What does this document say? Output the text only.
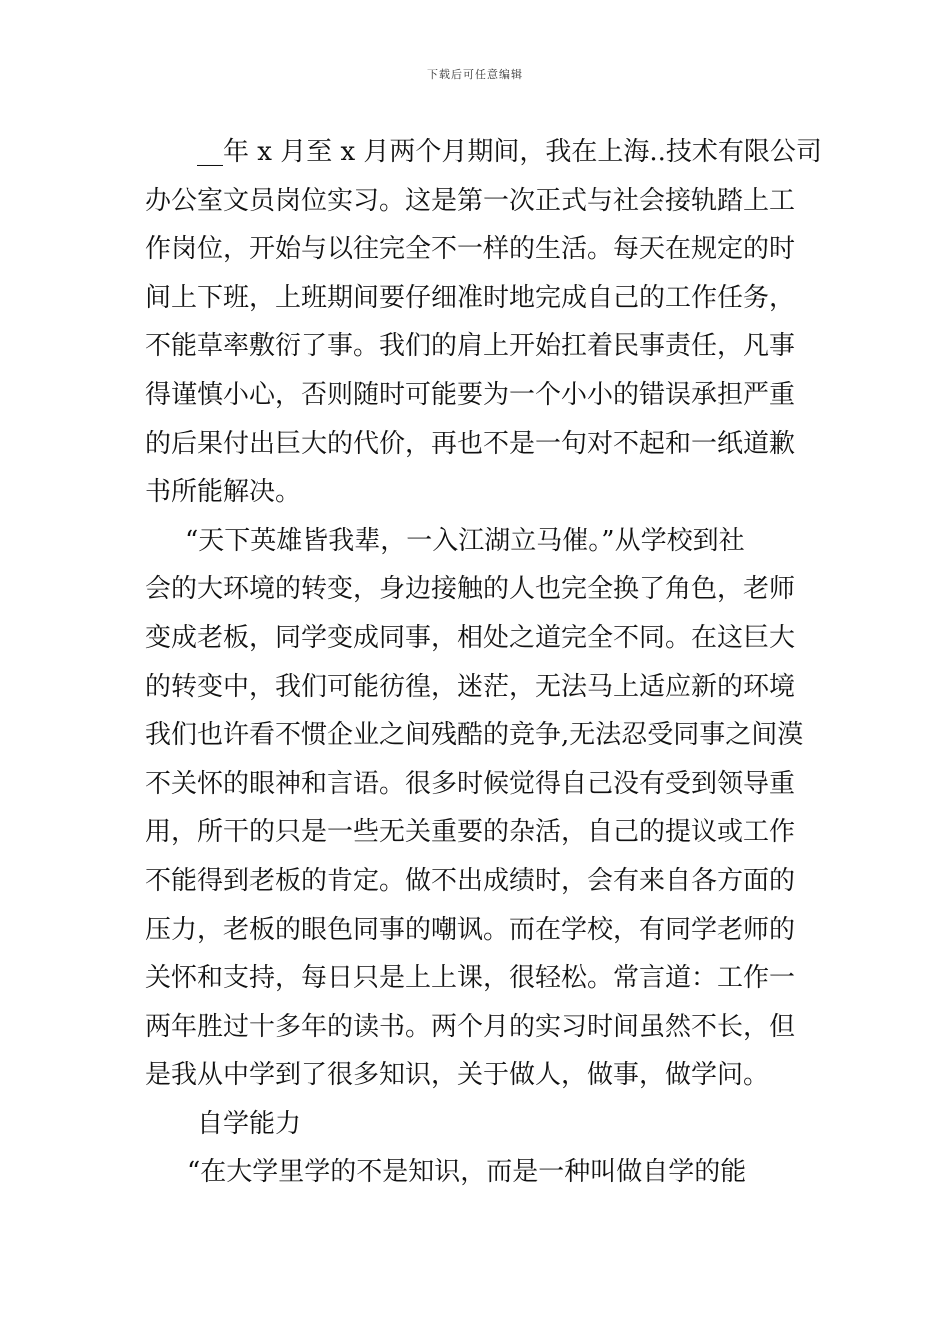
下载后可任意编辑
__年 x 月至 x 月两个月期间，我在上海..技术有限公司
办公室文员岗位实习。这是第一次正式与社会接轨踏上工
作岗位，开始与以往完全不一样的生活。每天在规定的时
间上下班，上班期间要仔细准时地完成自己的工作任务，
不能草率敷衍了事。我们的肩上开始扛着民事责任，凡事
得谨慎小心，否则随时可能要为一个小小的错误承担严重
的后果付出巨大的代价，再也不是一句对不起和一纸道歉
书所能解决。
“天下英雄皆我辈，一入江湖立马催。”从学校到社
会的大环境的转变，身边接触的人也完全换了角色，老师
变成老板，同学变成同事，相处之道完全不同。在这巨大
的转变中，我们可能彷徨，迷茫，无法马上适应新的环境
我们也许看不惯企业之间残酷的竞争,无法忍受同事之间漠
不关怀的眼神和言语。很多时候觉得自己没有受到领导重
用，所干的只是一些无关重要的杂活，自己的提议或工作
不能得到老板的肯定。做不出成绩时，会有来自各方面的
压力，老板的眼色同事的嘲讽。而在学校，有同学老师的
关怀和支持，每日只是上上课，很轻松。常言道：工作一
两年胜过十多年的读书。两个月的实习时间虽然不长，但
是我从中学到了很多知识，关于做人，做事，做学问。
自学能力
“在大学里学的不是知识，而是一种叫做自学的能
